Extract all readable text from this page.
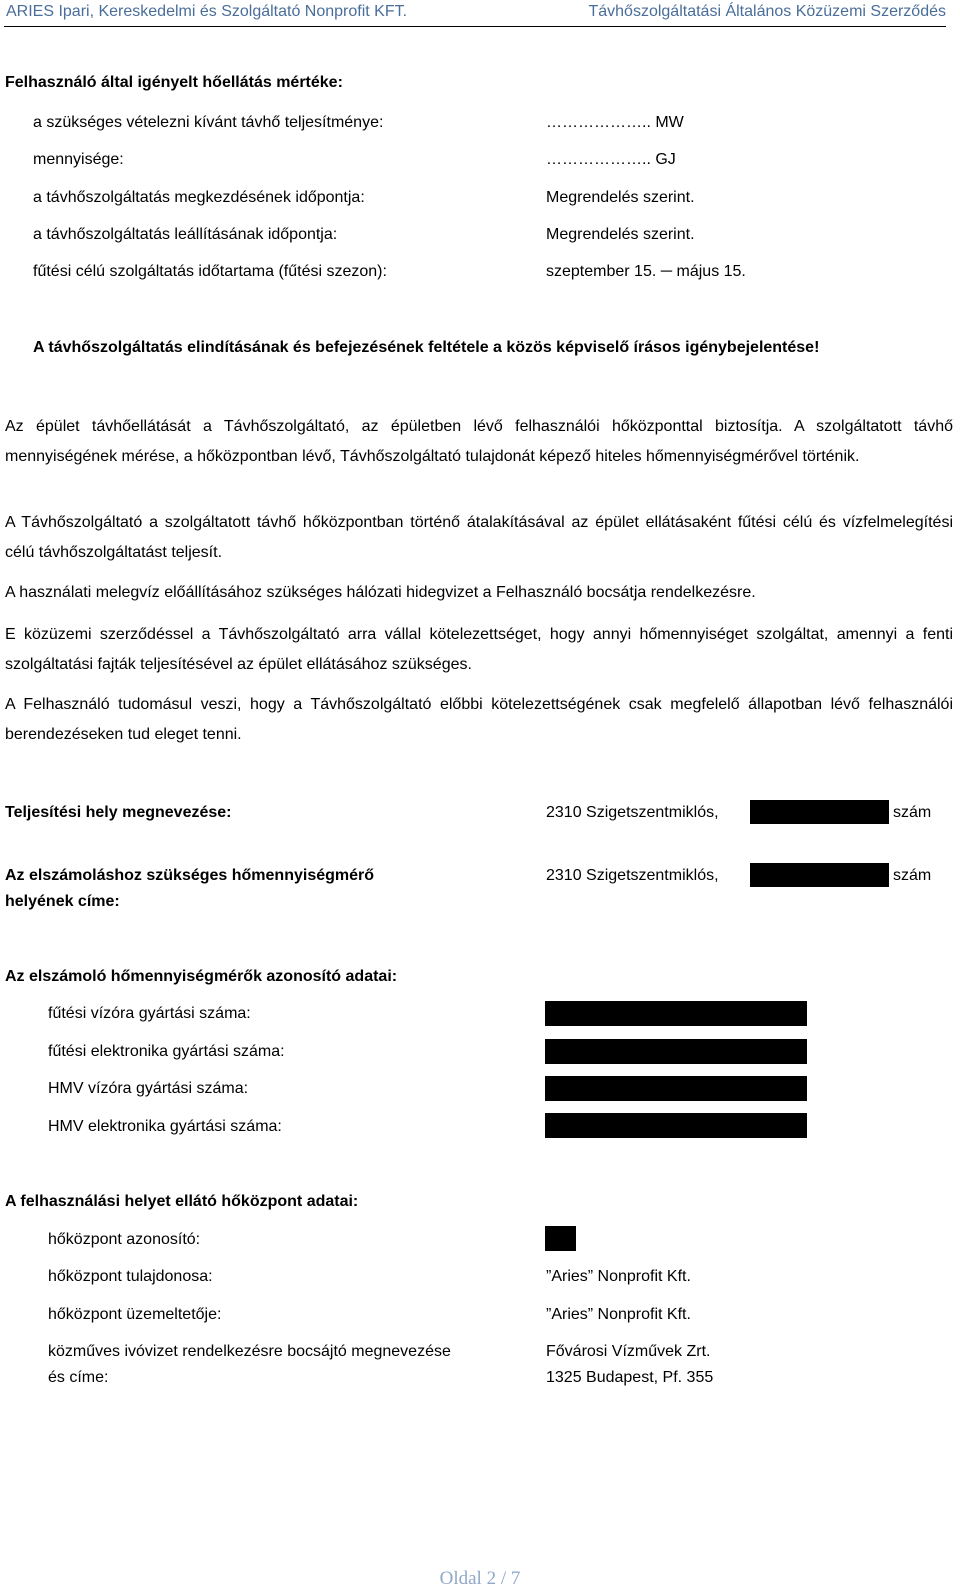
ARIES Ipari, Kereskedelmi és Szolgáltató Nonprofit KFT.	Távhőszolgáltatási Általános Közüzemi Szerződés
Felhasználó által igényelt hőellátás mértéke:
a szükséges vételezni kívánt távhő teljesítménye:	……………….. MW
mennyisége:	……………….. GJ
a távhőszolgáltatás megkezdésének időpontja:	Megrendelés szerint.
a távhőszolgáltatás leállításának időpontja:	Megrendelés szerint.
fűtési célú szolgáltatás időtartama (fűtési szezon):	szeptember 15. ─ május 15.
A távhőszolgáltatás elindításának és befejezésének feltétele a közös képviselő írásos igénybejelentése!

Az épület távhőellátását a Távhőszolgáltató, az épületben lévő felhasználói hőközponttal biztosítja. A szolgáltatott távhő mennyiségének mérése, a hőközpontban lévő, Távhőszolgáltató tulajdonát képező hiteles hőmennyiségmérővel történik.

A Távhőszolgáltató a szolgáltatott távhő hőközpontban történő átalakításával az épület ellátásaként fűtési célú és vízfelmelegítési célú távhőszolgáltatást teljesít.

A használati melegvíz előállításához szükséges hálózati hidegvizet a Felhasználó bocsátja rendelkezésre.

E közüzemi szerződéssel a Távhőszolgáltató arra vállal kötelezettséget, hogy annyi hőmennyiséget szolgáltat, amennyi a fenti szolgáltatási fajták teljesítésével az épület ellátásához szükséges.

A Felhasználó tudomásul veszi, hogy a Távhőszolgáltató előbbi kötelezettségének csak megfelelő állapotban lévő felhasználói berendezéseken tud eleget tenni.

Teljesítési hely megnevezése:	2310 Szigetszentmiklós,	szám
Az elszámoláshoz szükséges hőmennyiségmérő
helyének címe:
2310 Szigetszentmiklós,	szám
Az elszámoló hőmennyiségmérők azonosító adatai:
fűtési vízóra gyártási száma:
fűtési elektronika gyártási száma:
HMV vízóra gyártási száma:
HMV elektronika gyártási száma:
A felhasználási helyet ellátó hőközpont adatai:
hőközpont azonosító:
hőközpont tulajdonosa:	”Aries” Nonprofit Kft.
hőközpont üzemeltetője:	”Aries” Nonprofit Kft.
közműves ivóvizet rendelkezésre bocsájtó megnevezése
és címe:
Fővárosi Vízművek Zrt.
1325 Budapest, Pf. 355
Oldal 2 / 7
